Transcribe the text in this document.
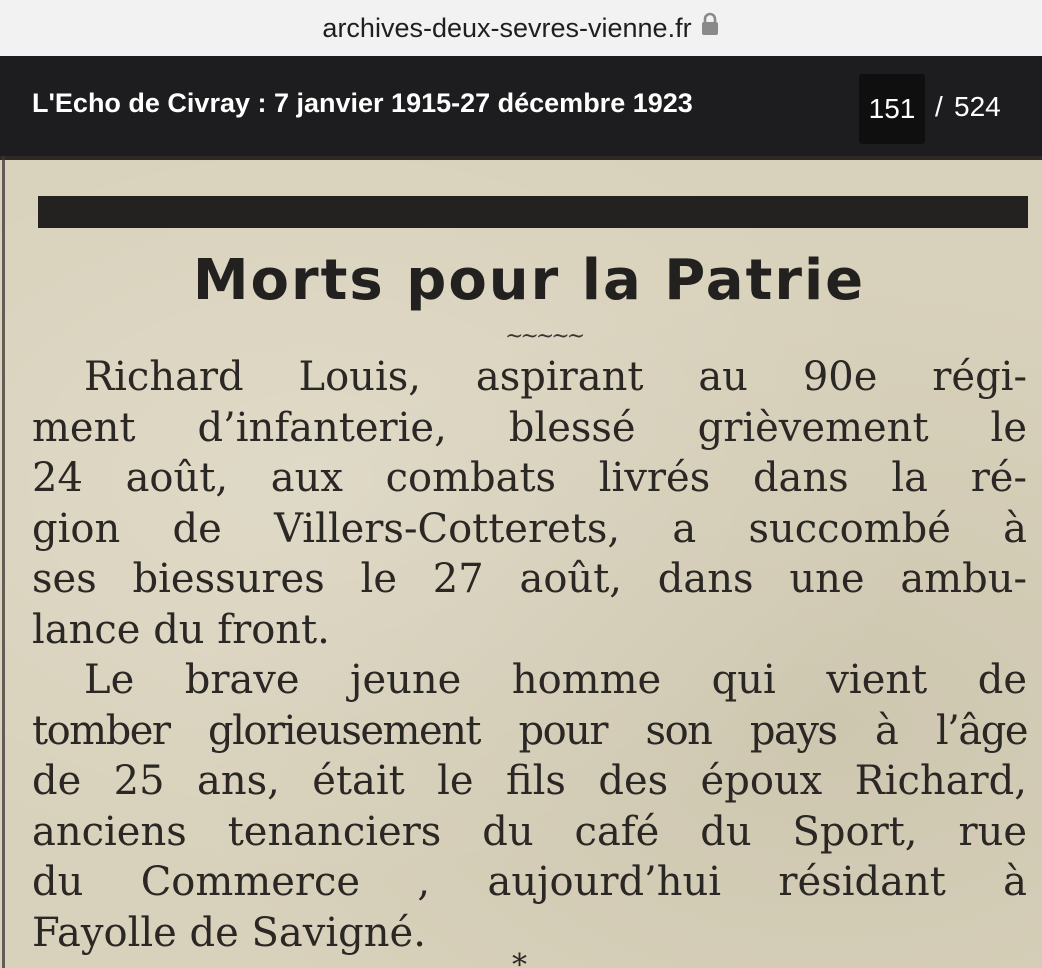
archives-deux-sevres-vienne.fr
L'Echo de Civray : 7 janvier 1915-27 décembre 1923	151 / 524
Morts pour la Patrie
~~~~~
Richard Louis, aspirant au 90e régi-
ment d’infanterie, blessé grièvement le
24 août, aux combats livrés dans la ré-
gion de Villers-Cotterets, a succombé à
ses biessures le 27 août, dans une ambu-
lance du front.
Le brave jeune homme qui vient de
tomber glorieusement pour son pays à l’âge
de 25 ans, était le fils des époux Richard,
anciens tenanciers du café du Sport, rue
du Commerce , aujourd’hui résidant à
Fayolle de Savigné.
*
